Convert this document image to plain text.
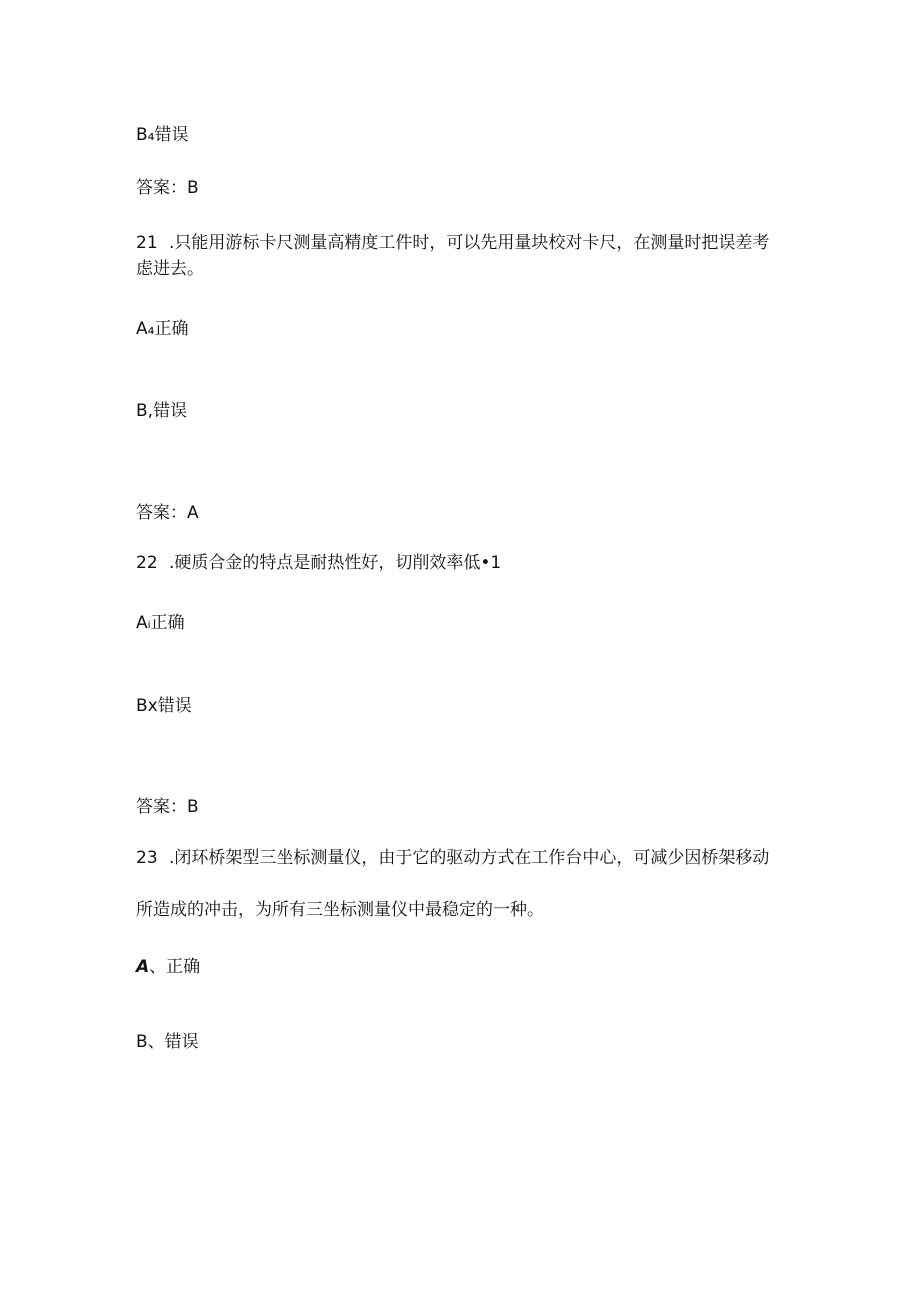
B₄错误
答案：B
21 .只能用游标卡尺测量高精度工件时，可以先用量块校对卡尺，在测量时把误差考
虑进去。
A₄正确
B,错误
答案：A
22 .硬质合金的特点是耐热性好，切削效率低•1
Aᵢ正确
Bx错误
答案：B
23 .闭环桥架型三坐标测量仪，由于它的驱动方式在工作台中心，可减少因桥架移动
所造成的冲击，为所有三坐标测量仪中最稳定的一种。
A、正确
B、错误
